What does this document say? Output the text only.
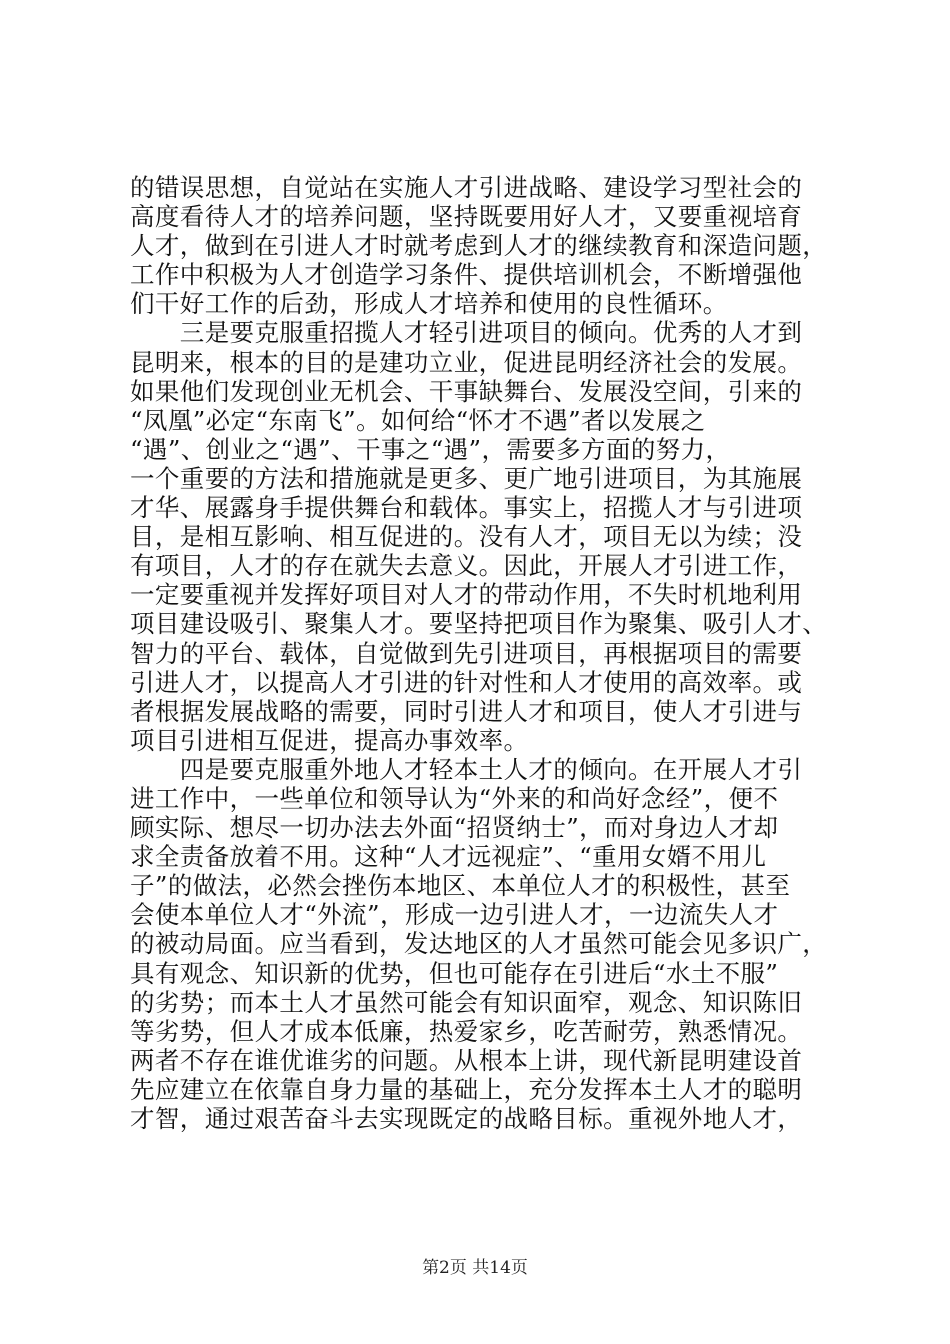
的错误思想，自觉站在实施人才引进战略、建设学习型社会的
高度看待人才的培养问题，坚持既要用好人才，又要重视培育
人才，做到在引进人才时就考虑到人才的继续教育和深造问题，
工作中积极为人才创造学习条件、提供培训机会，不断增强他
们干好工作的后劲，形成人才培养和使用的良性循环。
　　三是要克服重招揽人才轻引进项目的倾向。优秀的人才到
昆明来，根本的目的是建功立业，促进昆明经济社会的发展。
如果他们发现创业无机会、干事缺舞台、发展没空间，引来的
“凤凰”必定“东南飞”。如何给“怀才不遇”者以发展之
“遇”、创业之“遇”、干事之“遇”，需要多方面的努力，
一个重要的方法和措施就是更多、更广地引进项目，为其施展
才华、展露身手提供舞台和载体。事实上，招揽人才与引进项
目，是相互影响、相互促进的。没有人才，项目无以为续；没
有项目，人才的存在就失去意义。因此，开展人才引进工作，
一定要重视并发挥好项目对人才的带动作用，不失时机地利用
项目建设吸引、聚集人才。要坚持把项目作为聚集、吸引人才、
智力的平台、载体，自觉做到先引进项目，再根据项目的需要
引进人才，以提高人才引进的针对性和人才使用的高效率。或
者根据发展战略的需要，同时引进人才和项目，使人才引进与
项目引进相互促进，提高办事效率。
　　四是要克服重外地人才轻本土人才的倾向。在开展人才引
进工作中，一些单位和领导认为“外来的和尚好念经”，便不
顾实际、想尽一切办法去外面“招贤纳士”，而对身边人才却
求全责备放着不用。这种“人才远视症”、“重用女婿不用儿
子”的做法，必然会挫伤本地区、本单位人才的积极性，甚至
会使本单位人才“外流”，形成一边引进人才，一边流失人才
的被动局面。应当看到，发达地区的人才虽然可能会见多识广，
具有观念、知识新的优势，但也可能存在引进后“水土不服”
的劣势；而本土人才虽然可能会有知识面窄，观念、知识陈旧
等劣势，但人才成本低廉，热爱家乡，吃苦耐劳，熟悉情况。
两者不存在谁优谁劣的问题。从根本上讲，现代新昆明建设首
先应建立在依靠自身力量的基础上，充分发挥本土人才的聪明
才智，通过艰苦奋斗去实现既定的战略目标。重视外地人才，
第2页 共14页
